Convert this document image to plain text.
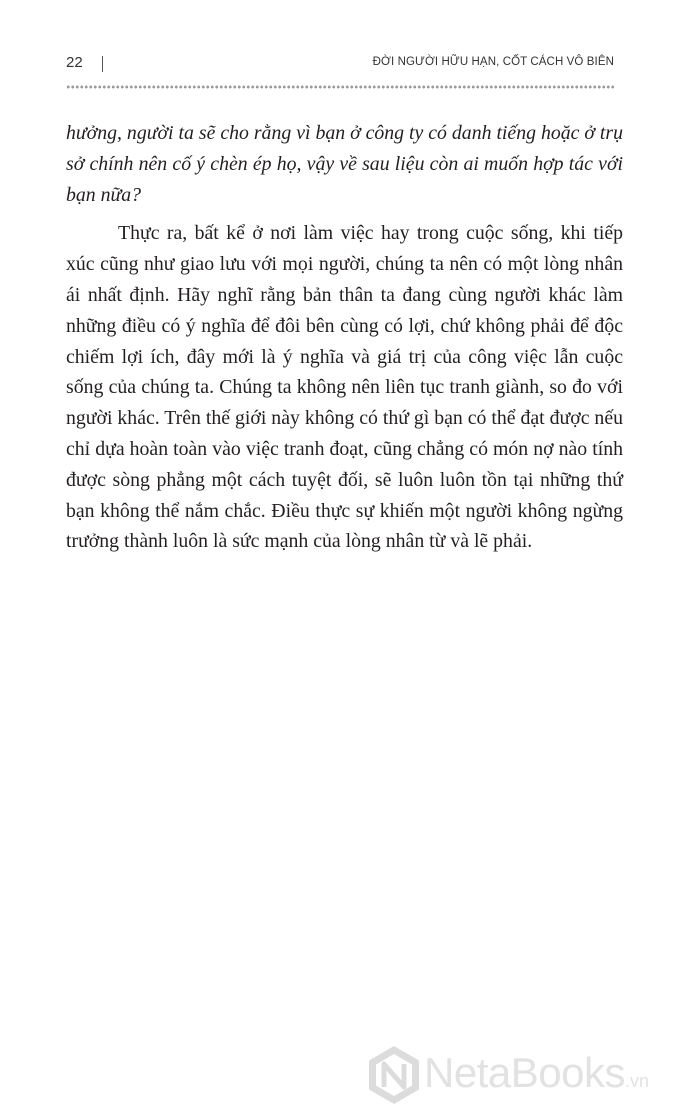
22	ĐỜI NGƯỜI HỮU HẠN, CỐT CÁCH VÔ BIÊN

hưởng, người ta sẽ cho rằng vì bạn ở công ty có danh tiếng hoặc ở trụ sở chính nên cố ý chèn ép họ, vậy về sau liệu còn ai muốn hợp tác với bạn nữa?

Thực ra, bất kể ở nơi làm việc hay trong cuộc sống, khi tiếp xúc cũng như giao lưu với mọi người, chúng ta nên có một lòng nhân ái nhất định. Hãy nghĩ rằng bản thân ta đang cùng người khác làm những điều có ý nghĩa để đôi bên cùng có lợi, chứ không phải để độc chiếm lợi ích, đây mới là ý nghĩa và giá trị của công việc lẫn cuộc sống của chúng ta. Chúng ta không nên liên tục tranh giành, so đo với người khác. Trên thế giới này không có thứ gì bạn có thể đạt được nếu chỉ dựa hoàn toàn vào việc tranh đoạt, cũng chẳng có món nợ nào tính được sòng phẳng một cách tuyệt đối, sẽ luôn luôn tồn tại những thứ bạn không thể nắm chắc. Điều thực sự khiến một người không ngừng trưởng thành luôn là sức mạnh của lòng nhân từ và lẽ phải.

NetaBooks.vn
